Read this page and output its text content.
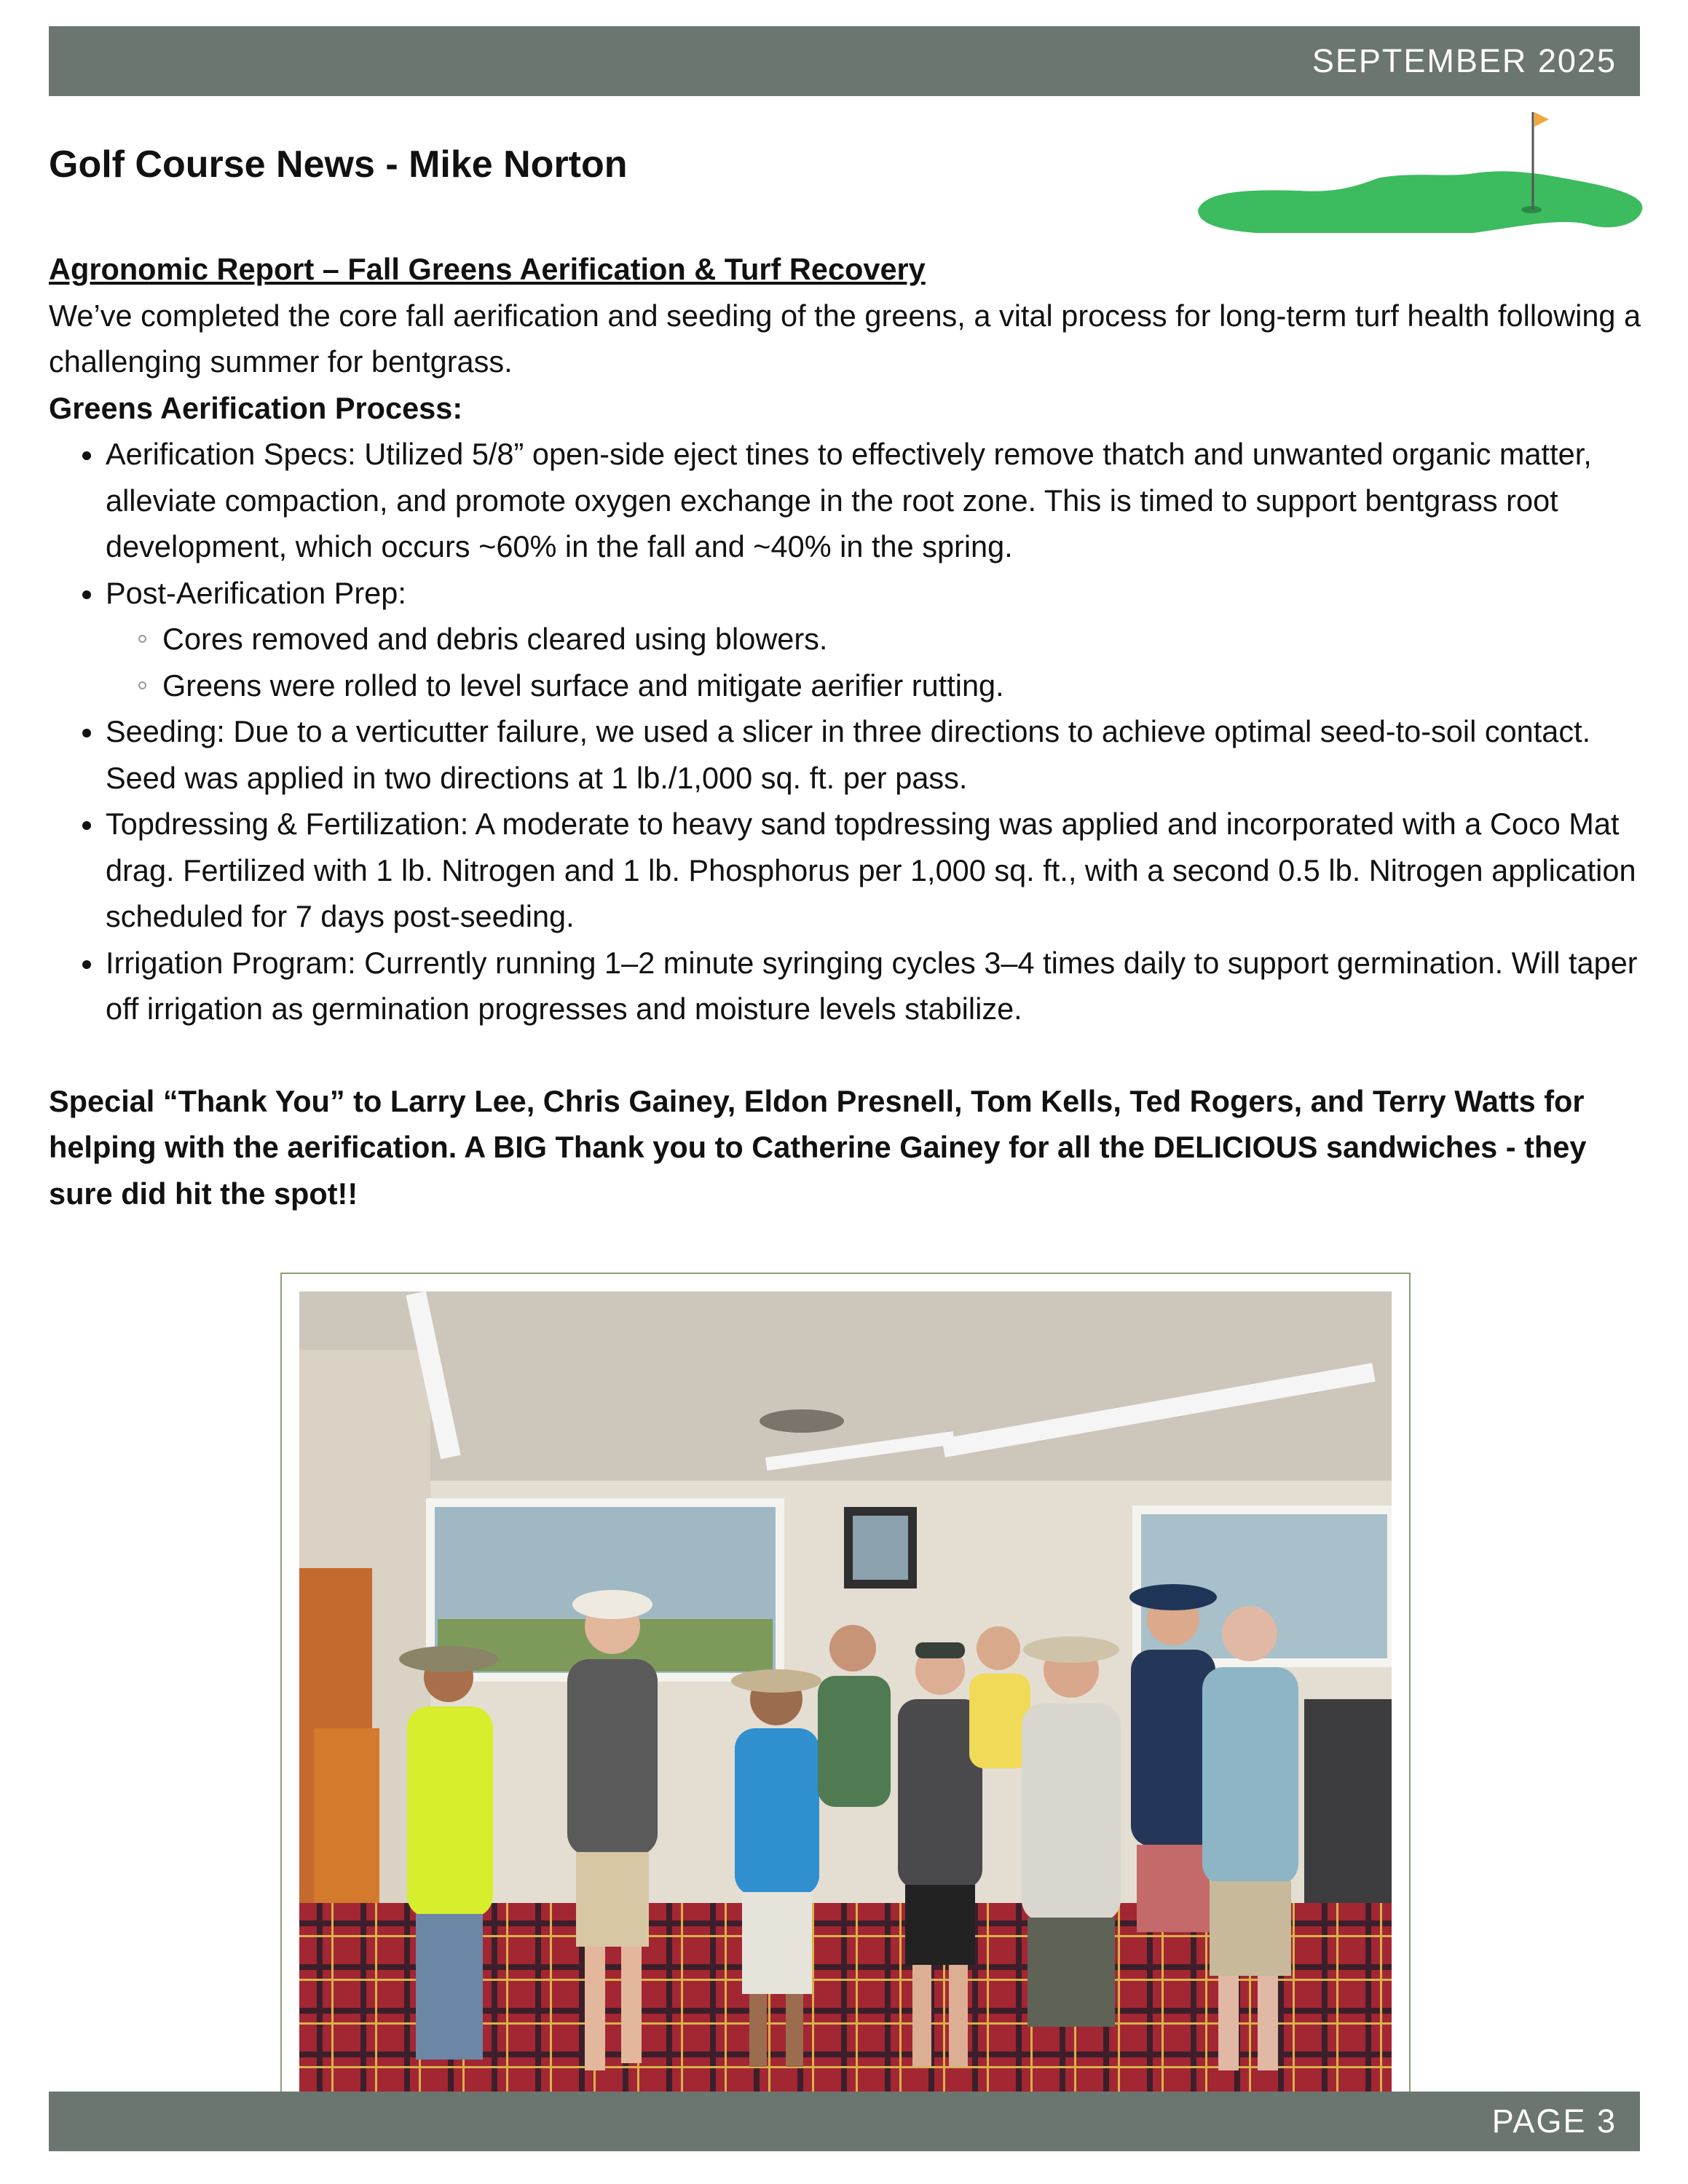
SEPTEMBER 2025
Golf Course News - Mike Norton

Agronomic Report – Fall Greens Aerification & Turf Recovery

We’ve completed the core fall aerification and seeding of the greens, a vital process for long-term turf health following a challenging summer for bentgrass.

Greens Aerification Process:

Aerification Specs: Utilized 5/8” open-side eject tines to effectively remove thatch and unwanted organic matter, alleviate compaction, and promote oxygen exchange in the root zone. This is timed to support bentgrass root development, which occurs ~60% in the fall and ~40% in the spring.
Post-Aerification Prep:
Cores removed and debris cleared using blowers.
Greens were rolled to level surface and mitigate aerifier rutting.
Seeding: Due to a verticutter failure, we used a slicer in three directions to achieve optimal seed-to-soil contact. Seed was applied in two directions at 1 lb./1,000 sq. ft. per pass.
Topdressing & Fertilization: A moderate to heavy sand topdressing was applied and incorporated with a Coco Mat drag. Fertilized with 1 lb. Nitrogen and 1 lb. Phosphorus per 1,000 sq. ft., with a second 0.5 lb. Nitrogen application scheduled for 7 days post-seeding.
Irrigation Program: Currently running 1–2 minute syringing cycles 3–4 times daily to support germination. Will taper off irrigation as germination progresses and moisture levels stabilize.

Special “Thank You” to Larry Lee, Chris Gainey, Eldon Presnell, Tom Kells, Ted Rogers, and Terry Watts for helping with the aerification. A BIG Thank you to Catherine Gainey for all the DELICIOUS sandwiches - they sure did hit the spot!!

PAGE 3
